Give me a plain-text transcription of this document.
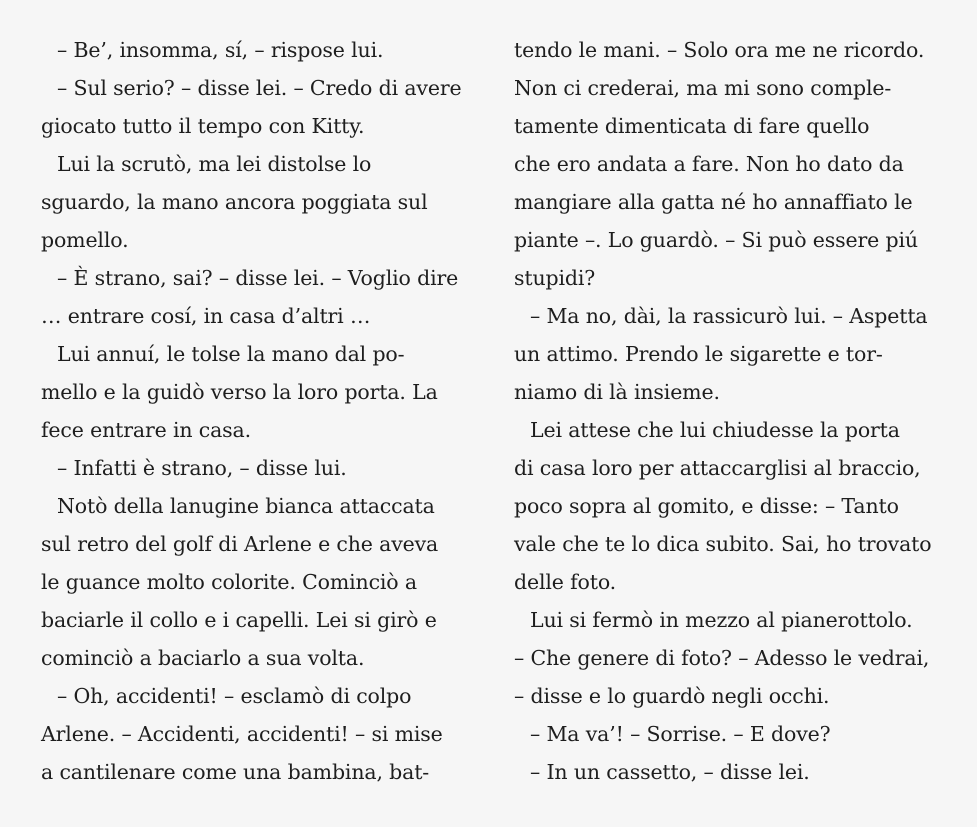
– Be’, insomma, sí, – rispose lui.
– Sul serio? – disse lei. – Credo di avere
giocato tutto il tempo con Kitty.
Lui la scrutò, ma lei distolse lo
sguardo, la mano ancora poggiata sul
pomello.
– È strano, sai? – disse lei. – Voglio dire
… entrare cosí, in casa d’altri …
Lui annuí, le tolse la mano dal po-
mello e la guidò verso la loro porta. La
fece entrare in casa.
– Infatti è strano, – disse lui.
Notò della lanugine bianca attaccata
sul retro del golf di Arlene e che aveva
le guance molto colorite. Cominciò a
baciarle il collo e i capelli. Lei si girò e
cominciò a baciarlo a sua volta.
– Oh, accidenti! – esclamò di colpo
Arlene. – Accidenti, accidenti! – si mise
a cantilenare come una bambina, bat-
tendo le mani. – Solo ora me ne ricordo.
Non ci crederai, ma mi sono comple-
tamente dimenticata di fare quello
che ero andata a fare. Non ho dato da
mangiare alla gatta né ho annaffiato le
piante –. Lo guardò. – Si può essere piú
stupidi?
– Ma no, dài, la rassicurò lui. – Aspetta
un attimo. Prendo le sigarette e tor-
niamo di là insieme.
Lei attese che lui chiudesse la porta
di casa loro per attaccarglisi al braccio,
poco sopra al gomito, e disse: – Tanto
vale che te lo dica subito. Sai, ho trovato
delle foto.
Lui si fermò in mezzo al pianerottolo.
– Che genere di foto? – Adesso le vedrai,
– disse e lo guardò negli occhi.
– Ma va’! – Sorrise. – E dove?
– In un cassetto, – disse lei.
